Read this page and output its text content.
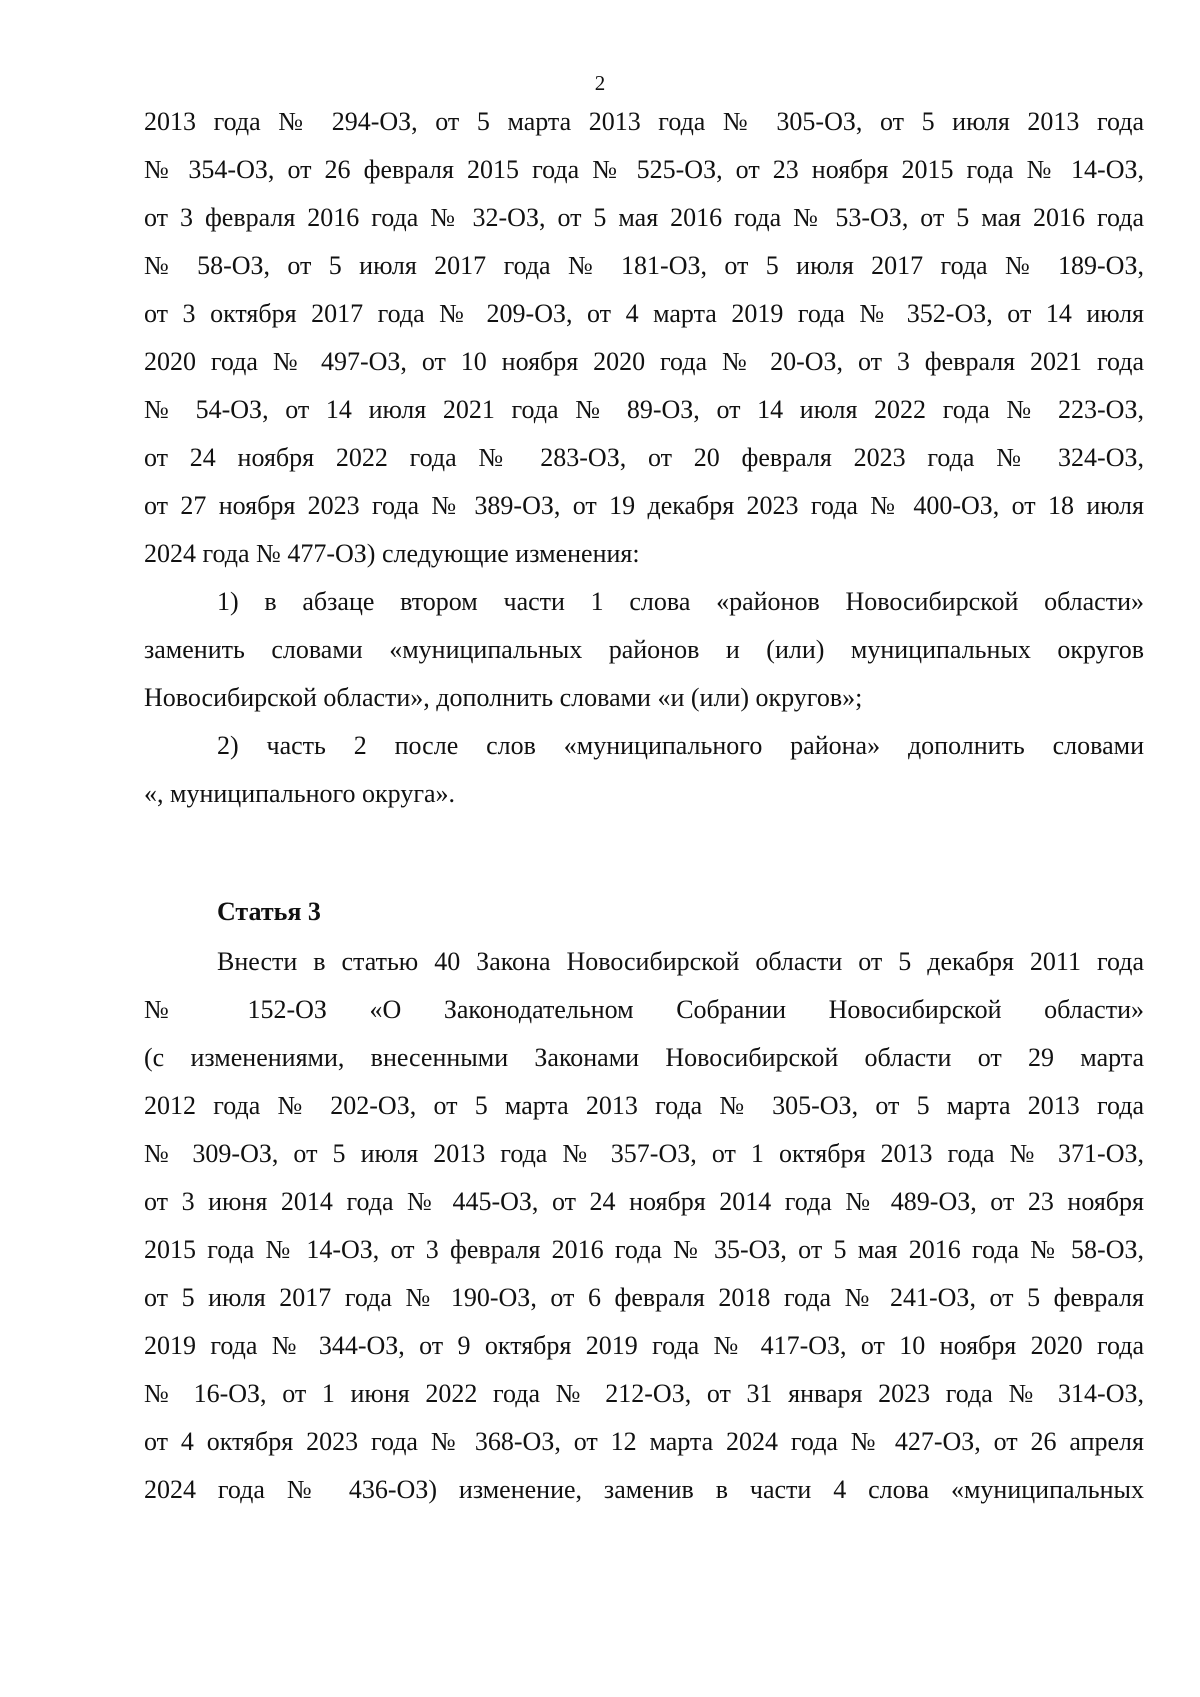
2
2013 года № 294-ОЗ, от 5 марта 2013 года № 305-ОЗ, от 5 июля 2013 года
№ 354-ОЗ, от 26 февраля 2015 года № 525-ОЗ, от 23 ноября 2015 года № 14-ОЗ,
от 3 февраля 2016 года № 32-ОЗ, от 5 мая 2016 года № 53-ОЗ, от 5 мая 2016 года
№ 58-ОЗ, от 5 июля 2017 года № 181-ОЗ, от 5 июля 2017 года № 189-ОЗ,
от 3 октября 2017 года № 209-ОЗ, от 4 марта 2019 года № 352-ОЗ, от 14 июля
2020 года № 497-ОЗ, от 10 ноября 2020 года № 20-ОЗ, от 3 февраля 2021 года
№ 54-ОЗ, от 14 июля 2021 года № 89-ОЗ, от 14 июля 2022 года № 223-ОЗ,
от 24 ноября 2022 года № 283-ОЗ, от 20 февраля 2023 года № 324-ОЗ,
от 27 ноября 2023 года № 389-ОЗ, от 19 декабря 2023 года № 400-ОЗ, от 18 июля
2024 года № 477-ОЗ) следующие изменения:
1) в абзаце втором части 1 слова «районов Новосибирской области»
заменить словами «муниципальных районов и (или) муниципальных округов
Новосибирской области», дополнить словами «и (или) округов»;
2) часть 2 после слов «муниципального района» дополнить словами
«, муниципального округа».
Статья 3
Внести в статью 40 Закона Новосибирской области от 5 декабря 2011 года
№ 152-ОЗ «О Законодательном Собрании Новосибирской области»
(с изменениями, внесенными Законами Новосибирской области от 29 марта
2012 года № 202-ОЗ, от 5 марта 2013 года № 305-ОЗ, от 5 марта 2013 года
№ 309-ОЗ, от 5 июля 2013 года № 357-ОЗ, от 1 октября 2013 года № 371-ОЗ,
от 3 июня 2014 года № 445-ОЗ, от 24 ноября 2014 года № 489-ОЗ, от 23 ноября
2015 года № 14-ОЗ, от 3 февраля 2016 года № 35-ОЗ, от 5 мая 2016 года № 58-ОЗ,
от 5 июля 2017 года № 190-ОЗ, от 6 февраля 2018 года № 241-ОЗ, от 5 февраля
2019 года № 344-ОЗ, от 9 октября 2019 года № 417-ОЗ, от 10 ноября 2020 года
№ 16-ОЗ, от 1 июня 2022 года № 212-ОЗ, от 31 января 2023 года № 314-ОЗ,
от 4 октября 2023 года № 368-ОЗ, от 12 марта 2024 года № 427-ОЗ, от 26 апреля
2024 года № 436-ОЗ) изменение, заменив в части 4 слова «муниципальных
